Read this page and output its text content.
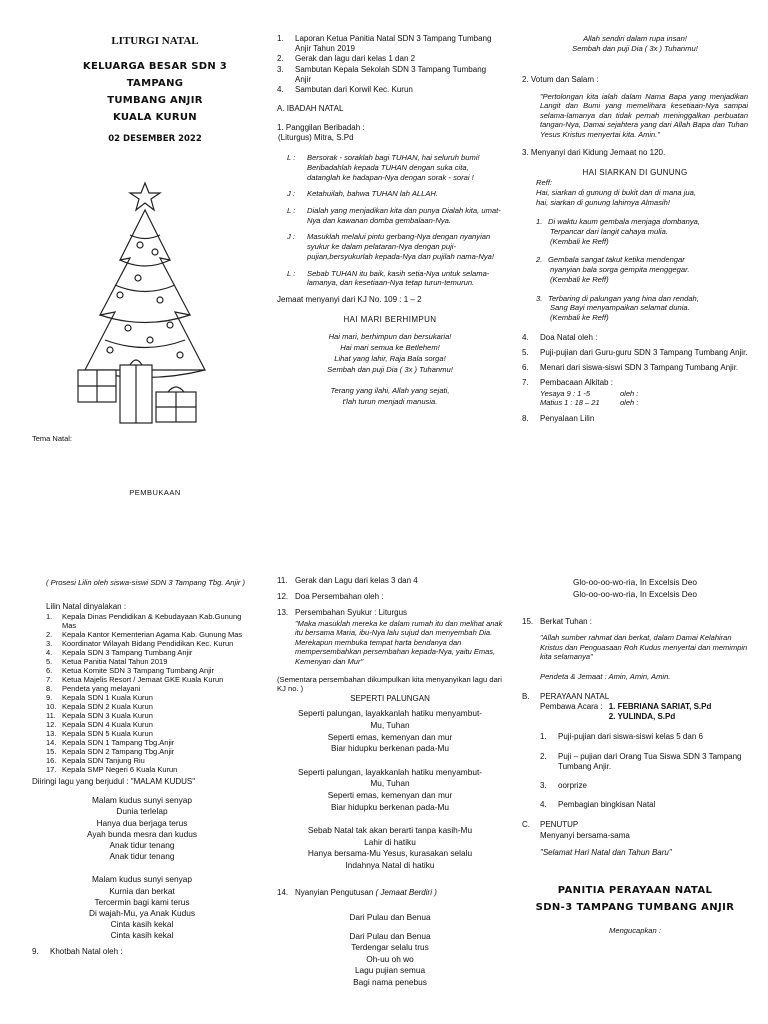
LITURGI NATAL
KELUARGA BESAR SDN 3 TAMPANG
TUMBANG ANJIR
KUALA KURUN
02 DESEMBER 2022
Tema Natal:
PEMBUKAAN
1.	Laporan Ketua Panitia Natal SDN 3 Tampang Tumbang Anjir Tahun 2019
2.	Gerak dan lagu dari kelas 1 dan 2
3.	Sambutan Kepala Sekolah SDN 3 Tampang Tumbang Anjir
4.	Sambutan dari Korwil Kec. Kurun
A. IBADAH NATAL
1. Panggilan Beribadah :
(Liturgus) Mitra, S.Pd
L :	Bersorak - soraklah bagi TUHAN, hai seluruh bumi! Beribadahlah kepada TUHAN dengan suka cita, datanglah ke hadapan-Nya dengan sorak - sorai !
J :	Ketahuilah, bahwa TUHAN lah ALLAH.
L :	Dialah yang menjadikan kita dan punya Dialah kita, umat-Nya dan kawanan domba gembalaan-Nya.
J :	Masuklah melalui pintu gerbang-Nya dengan nyanyian syukur ke dalam pelataran-Nya dengan puji-pujian,bersyukurlah kepada-Nya dan pujilah nama-Nya!
L :	Sebab TUHAN itu baik, kasih setia-Nya untuk selama-lamanya, dan kesetiaan-Nya tetap turun-temurun.
Jemaat menyanyi dari KJ No. 109 : 1 – 2
HAI MARI BERHIMPUN
Hai mari, berhimpun dan bersukaria!
Hai mari semua ke Betlehem!
Lihat yang lahir, Raja Bala sorga!
Sembah dan puji Dia ( 3x ) Tuhanmu!
Terang yang ilahi, Allah yang sejati,
t'lah turun menjadi manusia.
Allah sendiri dalam rupa insan!
Sembah dan puji Dia ( 3x ) Tuhanmu!
2. Votum dan Salam :

"Pertolongan kita ialah dalam Nama Bapa yang menjadikan Langit dan Bumi yang memelihara kesetiaan-Nya sampai selama-lamanya dan tidak pernah meninggalkan perbuatan tangan-Nya, Damai sejahtera yang dari Allah Bapa dan Tuhan Yesus Kristus menyertai kita. Amin."

3. Menyanyi dari Kidung Jemaat no 120.
HAI SIARKAN DI GUNUNG
Reff:
Hai, siarkan di gunung di bukit dan di mana jua,
hai, siarkan di gunung lahirnya Almasih!
1. Di waktu kaum gembala menjaga dombanya,
Terpancar dari langit cahaya mulia.
(Kembali ke Reff)
2. Gembala sangat takut ketika mendengar
nyanyian bala sorga gempita menggegar.
(Kembali ke Reff)
3. Terbaring di palungan yang hina dan rendah,
Sang Bayi menyampaikan selamat dunia.
(Kembali ke Reff)
4.	Doa Natal oleh :
5.	Puji-pujian dari Guru-guru SDN 3 Tampang Tumbang Anjir.
6.	Menari dari siswa-siswi SDN 3 Tampang Tumbang Anjir.
7.	Pembacaan Alkitab :
Yesaya 9 : 1 -5	oleh :
Matius 1 : 18 – 21	oleh :
8.	Penyalaan Lilin

( Prosesi Lilin oleh siswa-siswi SDN 3 Tampang Tbg. Anjir )

Lilin Natal dinyalakan :
1.	Kepala Dinas Pendidikan & Kebudayaan Kab.Gunung Mas
2.	Kepala Kantor Kementerian Agama Kab. Gunung Mas
3.	Koordinator Wilayah Bidang Pendidikan Kec. Kurun
4.	Kepala SDN 3 Tampang Tumbang Anjir
5.	Ketua Panitia Natal Tahun 2019
6.	Ketua Komite SDN 3 Tampang Tumbang Anjir
7.	Ketua Majelis Resort / Jemaat GKE Kuala Kurun
8.	Pendeta yang melayani
9.	Kepala SDN 1 Kuala Kurun
10. Kepala SDN 2 Kuala Kurun
11. Kepala SDN 3 Kuala Kurun
12. Kepala SDN 4 Kuala Kurun
13. Kepala SDN 5 Kuala Kurun
14. Kepala SDN 1 Tampang Tbg.Anjir
15. Kepala SDN 2 Tampang Tbg.Anjir
16. Kepala SDN Tanjung Riu
17. Kepala SMP Negeri 6 Kuala Kurun
Diiringi lagu yang berjudul : "MALAM KUDUS"
Malam kudus sunyi senyap
Dunia terlelap
Hanya dua berjaga terus
Ayah bunda mesra dan kudus
Anak tidur tenang
Anak tidur tenang
Malam kudus sunyi senyap
Kurnia dan berkat
Tercermin bagi kami terus
Di wajah-Mu, ya Anak Kudus
Cinta kasih kekal
Cinta kasih kekal
9.	Khotbah Natal oleh :
11. Gerak dan Lagu dari kelas 3 dan 4
12. Doa Persembahan oleh :
13. Persembahan Syukur : Liturgus

"Maka masuklah mereka ke dalam rumah itu dan melihat anak itu bersama Maria, ibu-Nya lalu sujud dan menyembah Dia. Merekapun membuka tempat harta bendanya dan mempersembahkan persembahan kepada-Nya, yaitu Emas, Kemenyan dan Mur"

(Sementara persembahan dikumpulkan kita menyanyikan lagu dari KJ no. )

SEPERTI PALUNGAN
Seperti palungan, layakkanlah hatiku menyambut-
Mu, Tuhan
Seperti emas, kemenyan dan mur
Biar hidupku berkenan pada-Mu
Seperti palungan, layakkanlah hatiku menyambut-
Mu, Tuhan
Seperti emas, kemenyan dan mur
Biar hidupku berkenan pada-Mu
Sebab Natal tak akan berarti tanpa kasih-Mu
Lahir di hatiku
Hanya bersama-Mu Yesus, kurasakan selalu
Indahnya Natal di hatiku
14. Nyanyian Pengutusan
( Jemaat Berdiri )
Dari Pulau dan Benua
Dari Pulau dan Benua
Terdengar selalu trus
Oh-uu oh wo
Lagu pujian semua
Bagi nama penebus
Glo-oo-oo-wo-ria, In Excelsis Deo
Glo-oo-oo-wo-ria, In Excelsis Deo
15. Berkat Tuhan :

"Allah sumber rahmat dan berkat, dalam Damai Kelahiran Kristus dan Penguasaan Roh Kudus menyertai dan memimpin kita selamanya"

Pendeta & Jemaat : Amin, Amin, Amin.
B.	PERAYAAN NATAL
Pembawa Acara : 1. FEBRIANA SARIAT, S.Pd
2. YULINDA, S.Pd
1.	Puji-pujian dari siswa-siswi kelas 5 dan 6
2.	Puji – pujian dari Orang Tua Siswa SDN 3 Tampang Tumbang Anjir.
3.	oorprize
4.	Pembagian bingkisan Natal
C.	PENUTUP
Menyanyi bersama-sama
"Selamat Hari Natal dan Tahun Baru"
PANITIA PERAYAAN NATAL
SDN-3 TAMPANG TUMBANG ANJIR
Mengucapkan :
